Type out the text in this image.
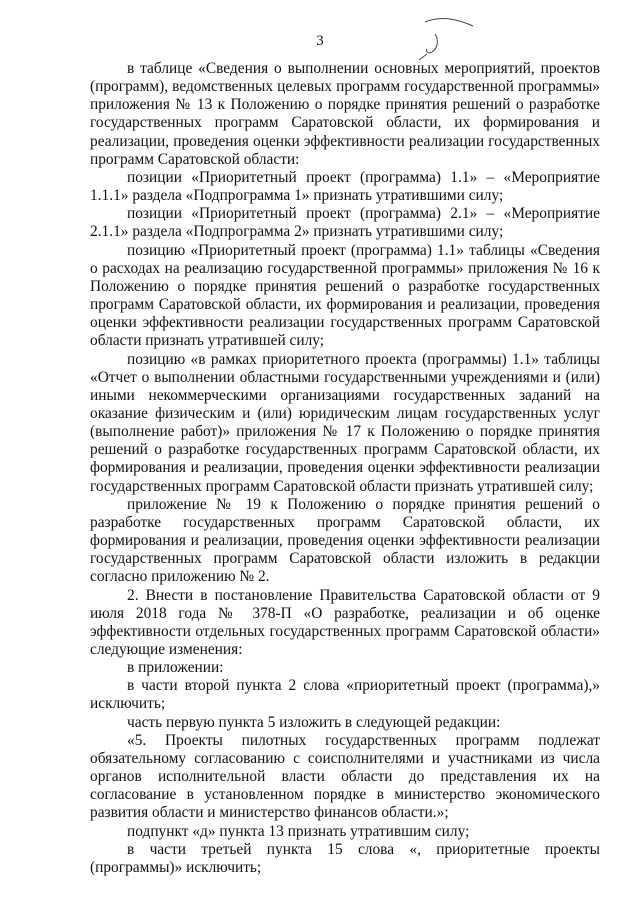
3

в таблице «Сведения о выполнении основных мероприятий, проектов (программ), ведомственных целевых программ государственной программы» приложения № 13 к Положению о порядке принятия решений о разработке государственных программ Саратовской области, их формирования и реализации, проведения оценки эффективности реализации государственных программ Саратовской области:

позиции «Приоритетный проект (программа) 1.1» – «Мероприятие 1.1.1» раздела «Подпрограмма 1» признать утратившими силу;

позиции «Приоритетный проект (программа) 2.1» – «Мероприятие 2.1.1» раздела «Подпрограмма 2» признать утратившими силу;

позицию «Приоритетный проект (программа) 1.1» таблицы «Сведения о расходах на реализацию государственной программы» приложения № 16 к Положению о порядке принятия решений о разработке государственных программ Саратовской области, их формирования и реализации, проведения оценки эффективности реализации государственных программ Саратовской области признать утратившей силу;

позицию «в рамках приоритетного проекта (программы) 1.1» таблицы «Отчет о выполнении областными государственными учреждениями и (или) иными некоммерческими организациями государственных заданий на оказание физическим и (или) юридическим лицам государственных услуг (выполнение работ)» приложения № 17 к Положению о порядке принятия решений о разработке государственных программ Саратовской области, их формирования и реализации, проведения оценки эффективности реализации государственных программ Саратовской области признать утратившей силу;

приложение № 19 к Положению о порядке принятия решений о разработке государственных программ Саратовской области, их формирования и реализации, проведения оценки эффективности реализации государственных программ Саратовской области изложить в редакции согласно приложению № 2.

2. Внести в постановление Правительства Саратовской области от 9 июля 2018 года № 378-П «О разработке, реализации и об оценке эффективности отдельных государственных программ Саратовской области» следующие изменения:

в приложении:

в части второй пункта 2 слова «приоритетный проект (программа),» исключить;

часть первую пункта 5 изложить в следующей редакции:

«5. Проекты пилотных государственных программ подлежат обязательному согласованию с соисполнителями и участниками из числа органов исполнительной власти области до представления их на согласование в установленном порядке в министерство экономического развития области и министерство финансов области.»;

подпункт «д» пункта 13 признать утратившим силу;

в части третьей пункта 15 слова «, приоритетные проекты (программы)» исключить;
